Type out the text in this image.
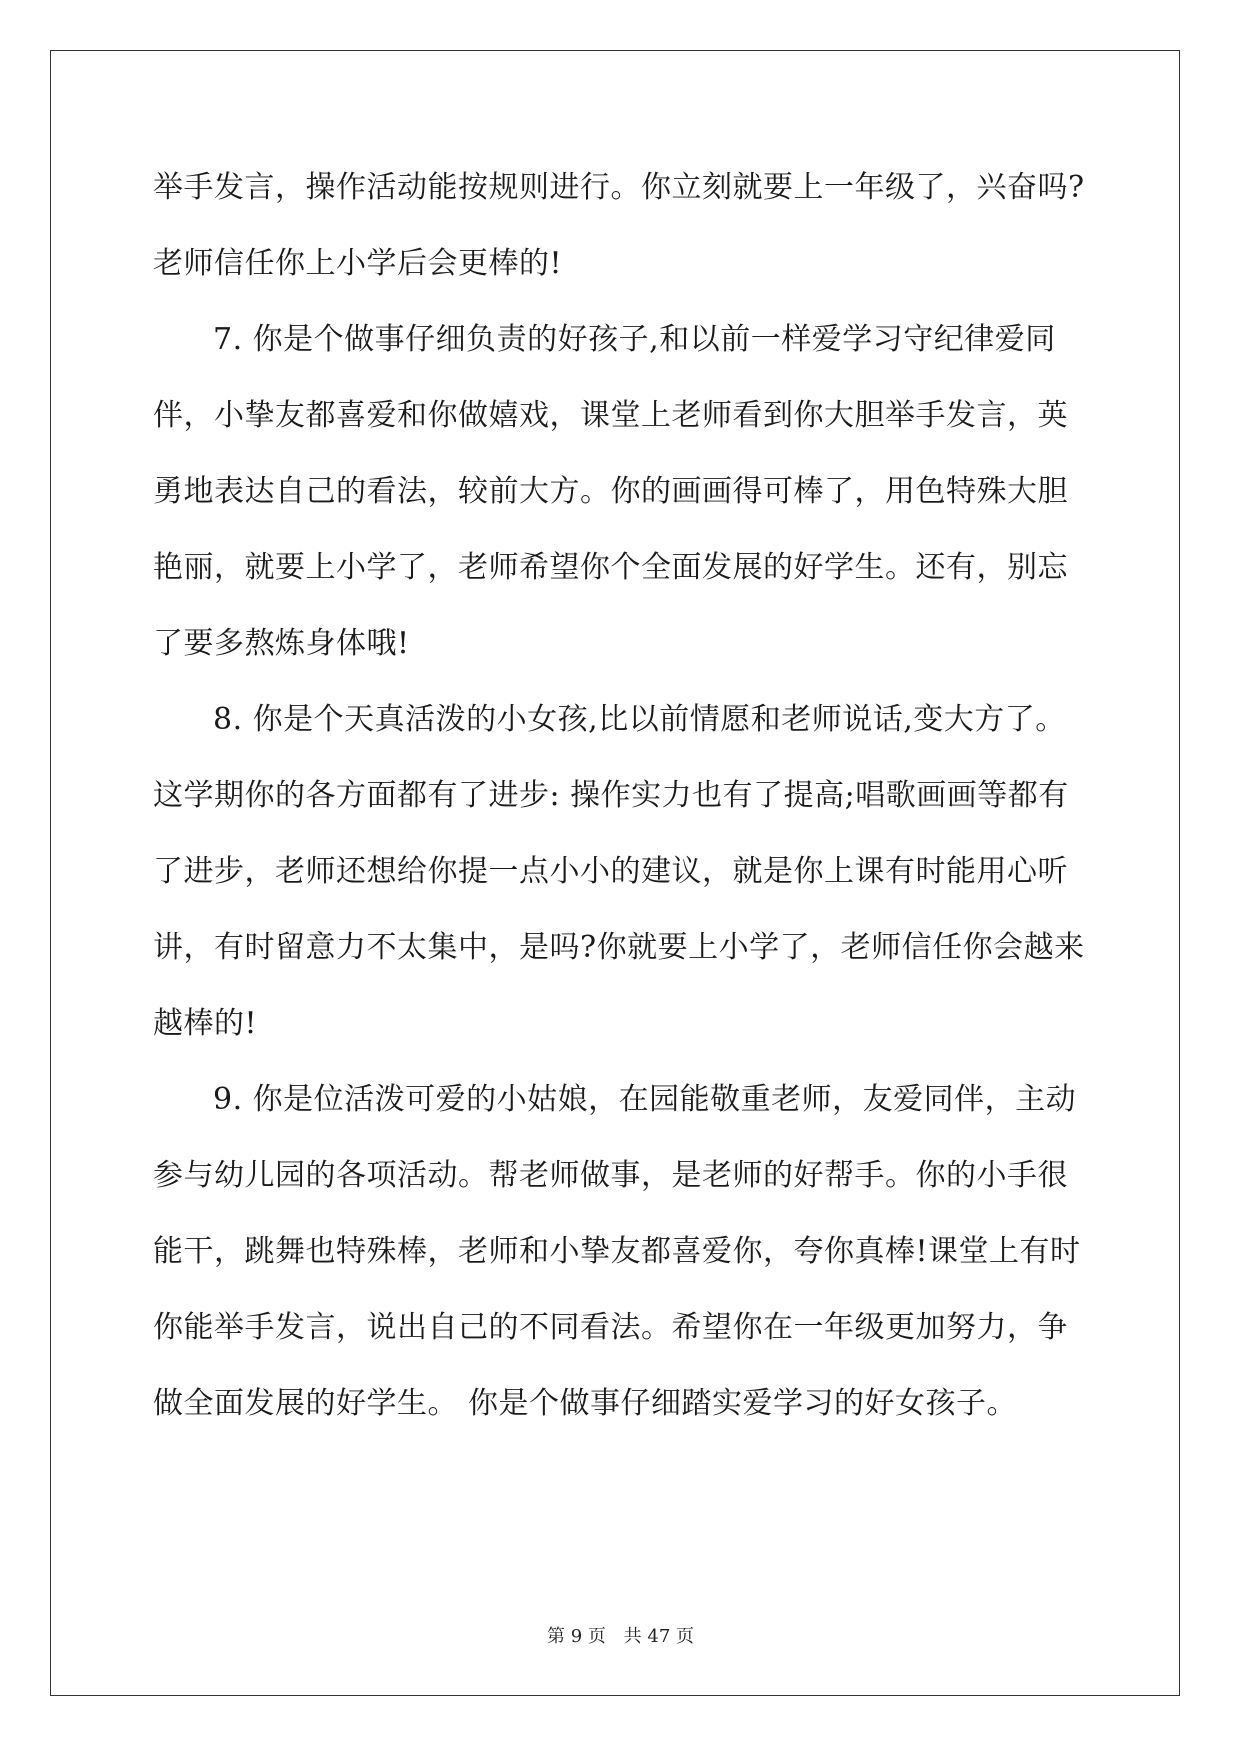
举手发言，操作活动能按规则进行。你立刻就要上一年级了，兴奋吗?
老师信任你上小学后会更棒的!
7. 你是个做事仔细负责的好孩子,和以前一样爱学习守纪律爱同
伴，小挚友都喜爱和你做嬉戏，课堂上老师看到你大胆举手发言，英
勇地表达自己的看法，较前大方。你的画画得可棒了，用色特殊大胆
艳丽，就要上小学了，老师希望你个全面发展的好学生。还有，别忘
了要多熬炼身体哦!
8. 你是个天真活泼的小女孩,比以前情愿和老师说话,变大方了。
这学期你的各方面都有了进步: 操作实力也有了提高;唱歌画画等都有
了进步，老师还想给你提一点小小的建议，就是你上课有时能用心听
讲，有时留意力不太集中，是吗?你就要上小学了，老师信任你会越来
越棒的!
9. 你是位活泼可爱的小姑娘，在园能敬重老师，友爱同伴，主动
参与幼儿园的各项活动。帮老师做事，是老师的好帮手。你的小手很
能干，跳舞也特殊棒，老师和小挚友都喜爱你，夸你真棒!课堂上有时
你能举手发言，说出自己的不同看法。希望你在一年级更加努力，争
做全面发展的好学生。 你是个做事仔细踏实爱学习的好女孩子。
第 9 页 共 47 页
